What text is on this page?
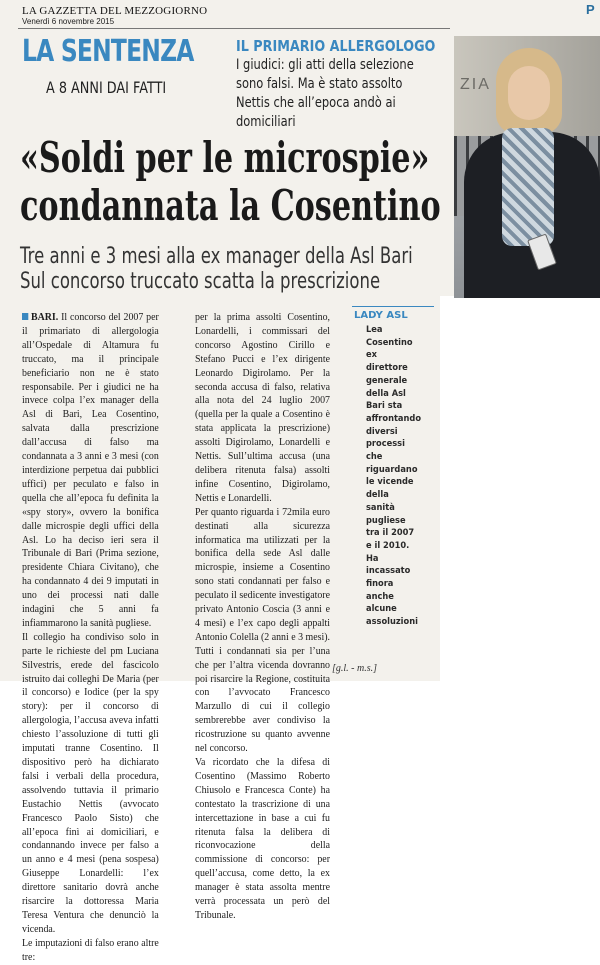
LA GAZZETTA DEL MEZZOGIORNO
Venerdì 6 novembre 2015
P
LA SENTENZA
A 8 ANNI DAI FATTI
IL PRIMARIO ALLERGOLOGO
I giudici: gli atti della selezione sono falsi. Ma è stato assolto Nettis che all’epoca andò ai domiciliari
ZIA
«Soldi per le microspie»
condannata la Cosentino
Tre anni e 3 mesi alla ex manager della Asl Bari Sul concorso truccato scatta la prescrizione
BARI. Il concorso del 2007 per il primariato di allergologia all’Ospedale di Altamura fu truccato, ma il principale beneficiario non ne è stato responsabile. Per i giudici ne ha invece colpa l’ex manager della Asl di Bari, Lea Cosentino, salvata dalla prescrizione dall’accusa di falso ma condannata a 3 anni e 3 mesi (con interdizione perpetua dai pubblici uffici) per peculato e falso in quella che all’epoca fu definita la «spy story», ovvero la bonifica dalle microspie degli uffici della Asl. Lo ha deciso ieri sera il Tribunale di Bari (Prima sezione, presidente Chiara Civitano), che ha condannato 4 dei 9 imputati in uno dei processi nati dalle indagini che 5 anni fa infiammarono la sanità pugliese.
Il collegio ha condiviso solo in parte le richieste del pm Luciana Silvestris, erede del fascicolo istruito dai colleghi De Maria (per il concorso) e Iodice (per la spy story): per il concorso di allergologia, l’accusa aveva infatti chiesto l’assoluzione di tutti gli imputati tranne Cosentino. Il dispositivo però ha dichiarato falsi i verbali della procedura, assolvendo tuttavia il primario Eustachio Nettis (avvocato Francesco Paolo Sisto) che all’epoca finì ai domiciliari, e condannando invece per falso a un anno e 4 mesi (pena sospesa) Giuseppe Lonardelli: l’ex direttore sanitario dovrà anche risarcire la dottoressa Maria Teresa Ventura che denunciò la vicenda.
Le imputazioni di falso erano altre tre:
per la prima assolti Cosentino, Lonardelli, i commissari del concorso Agostino Cirillo e Stefano Pucci e l’ex dirigente Leonardo Digirolamo. Per la seconda accusa di falso, relativa alla nota del 24 luglio 2007 (quella per la quale a Cosentino è stata applicata la prescrizione) assolti Digirolamo, Lonardelli e Nettis. Sull’ultima accusa (una delibera ritenuta falsa) assolti infine Cosentino, Digirolamo, Nettis e Lonardelli.
Per quanto riguarda i 72mila euro destinati alla sicurezza informatica ma utilizzati per la bonifica della sede Asl dalle microspie, insieme a Cosentino sono stati condannati per falso e peculato il sedicente investigatore privato Antonio Coscia (3 anni e 4 mesi) e l’ex capo degli appalti Antonio Colella (2 anni e 3 mesi). Tutti i condannati sia per l’una che per l’altra vicenda dovranno poi risarcire la Regione, costituita con l’avvocato Francesco Marzullo di cui il collegio sembrerebbe aver condiviso la ricostruzione su quanto avvenne nel concorso.
Va ricordato che la difesa di Cosentino (Massimo Roberto Chiusolo e Francesca Conte) ha contestato la trascrizione di una intercettazione in base a cui fu ritenuta falsa la delibera di riconvocazione della commissione di concorso: per quell’accusa, come detto, la ex manager è stata assolta mentre verrà processata un però del Tribunale.
[g.l. - m.s.]
LADY ASL
Lea Cosentino ex direttore generale della Asl Bari sta affrontando diversi processi che riguardano le vicende della sanità pugliese tra il 2007 e il 2010. Ha incassato finora anche alcune assoluzioni
